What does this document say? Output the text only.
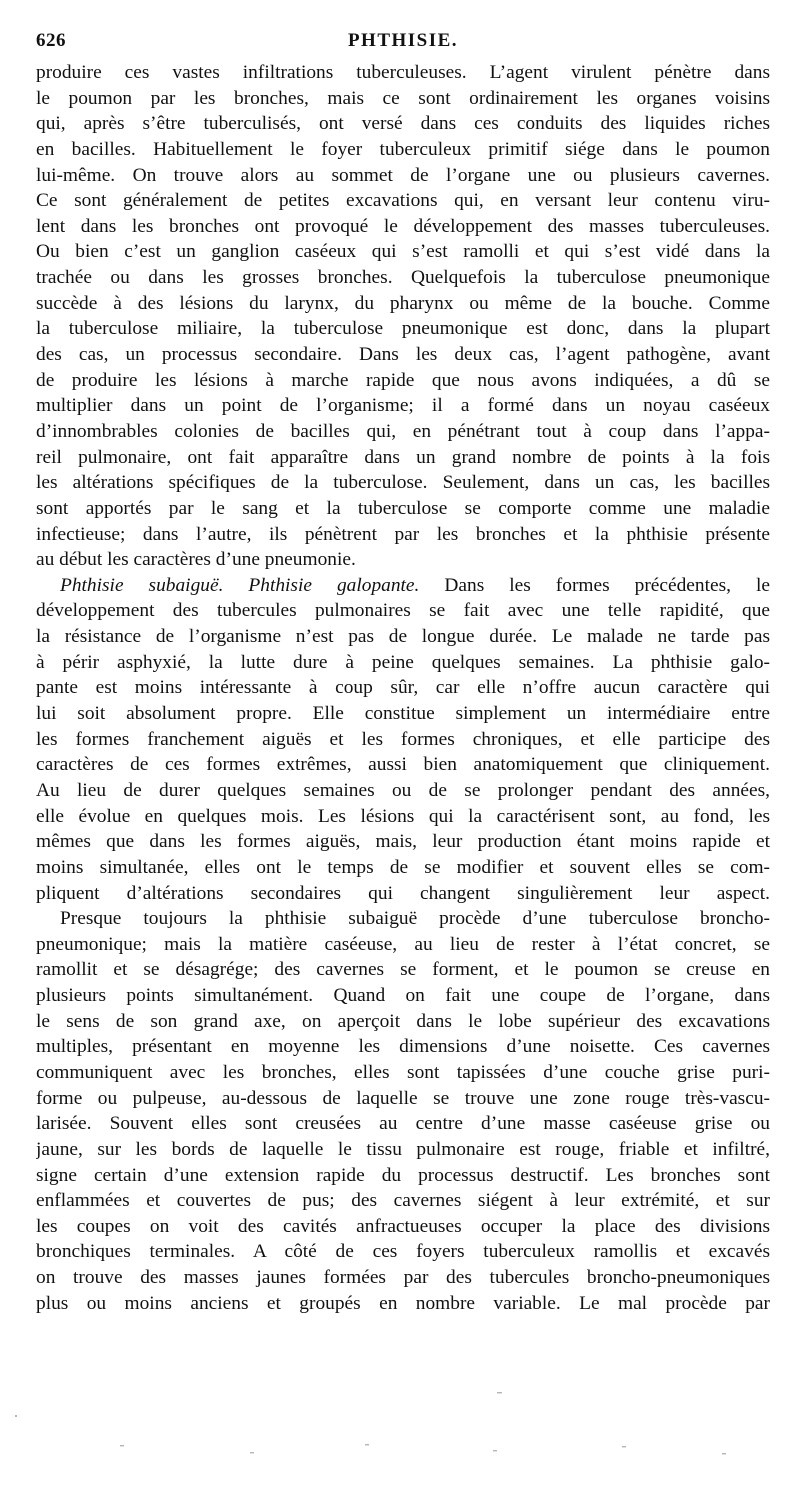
626	PHTHISIE.
produire ces vastes infiltrations tuberculeuses. L’agent virulent pénètre dans
le poumon par les bronches, mais ce sont ordinairement les organes voisins
qui, après s’être tuberculisés, ont versé dans ces conduits des liquides riches
en bacilles. Habituellement le foyer tuberculeux primitif siége dans le poumon
lui-même. On trouve alors au sommet de l’organe une ou plusieurs cavernes.
Ce sont généralement de petites excavations qui, en versant leur contenu viru-
lent dans les bronches ont provoqué le développement des masses tuberculeuses.
Ou bien c’est un ganglion caséeux qui s’est ramolli et qui s’est vidé dans la
trachée ou dans les grosses bronches. Quelquefois la tuberculose pneumonique
succède à des lésions du larynx, du pharynx ou même de la bouche. Comme
la tuberculose miliaire, la tuberculose pneumonique est donc, dans la plupart
des cas, un processus secondaire. Dans les deux cas, l’agent pathogène, avant
de produire les lésions à marche rapide que nous avons indiquées, a dû se
multiplier dans un point de l’organisme; il a formé dans un noyau caséeux
d’innombrables colonies de bacilles qui, en pénétrant tout à coup dans l’appa-
reil pulmonaire, ont fait apparaître dans un grand nombre de points à la fois
les altérations spécifiques de la tuberculose. Seulement, dans un cas, les bacilles
sont apportés par le sang et la tuberculose se comporte comme une maladie
infectieuse; dans l’autre, ils pénètrent par les bronches et la phthisie présente
au début les caractères d’une pneumonie.
Phthisie subaiguë. Phthisie galopante. Dans les formes précédentes, le
développement des tubercules pulmonaires se fait avec une telle rapidité, que
la résistance de l’organisme n’est pas de longue durée. Le malade ne tarde pas
à périr asphyxié, la lutte dure à peine quelques semaines. La phthisie galo-
pante est moins intéressante à coup sûr, car elle n’offre aucun caractère qui
lui soit absolument propre. Elle constitue simplement un intermédiaire entre
les formes franchement aiguës et les formes chroniques, et elle participe des
caractères de ces formes extrêmes, aussi bien anatomiquement que cliniquement.
Au lieu de durer quelques semaines ou de se prolonger pendant des années,
elle évolue en quelques mois. Les lésions qui la caractérisent sont, au fond, les
mêmes que dans les formes aiguës, mais, leur production étant moins rapide et
moins simultanée, elles ont le temps de se modifier et souvent elles se com-
pliquent d’altérations secondaires qui changent singulièrement leur aspect.
Presque toujours la phthisie subaiguë procède d’une tuberculose broncho-
pneumonique; mais la matière caséeuse, au lieu de rester à l’état concret, se
ramollit et se désagrége; des cavernes se forment, et le poumon se creuse en
plusieurs points simultanément. Quand on fait une coupe de l’organe, dans
le sens de son grand axe, on aperçoit dans le lobe supérieur des excavations
multiples, présentant en moyenne les dimensions d’une noisette. Ces cavernes
communiquent avec les bronches, elles sont tapissées d’une couche grise puri-
forme ou pulpeuse, au-dessous de laquelle se trouve une zone rouge très-vascu-
larisée. Souvent elles sont creusées au centre d’une masse caséeuse grise ou
jaune, sur les bords de laquelle le tissu pulmonaire est rouge, friable et infiltré,
signe certain d’une extension rapide du processus destructif. Les bronches sont
enflammées et couvertes de pus; des cavernes siégent à leur extrémité, et sur
les coupes on voit des cavités anfractueuses occuper la place des divisions
bronchiques terminales. A côté de ces foyers tuberculeux ramollis et excavés
on trouve des masses jaunes formées par des tubercules broncho-pneumoniques
plus ou moins anciens et groupés en nombre variable. Le mal procède par
